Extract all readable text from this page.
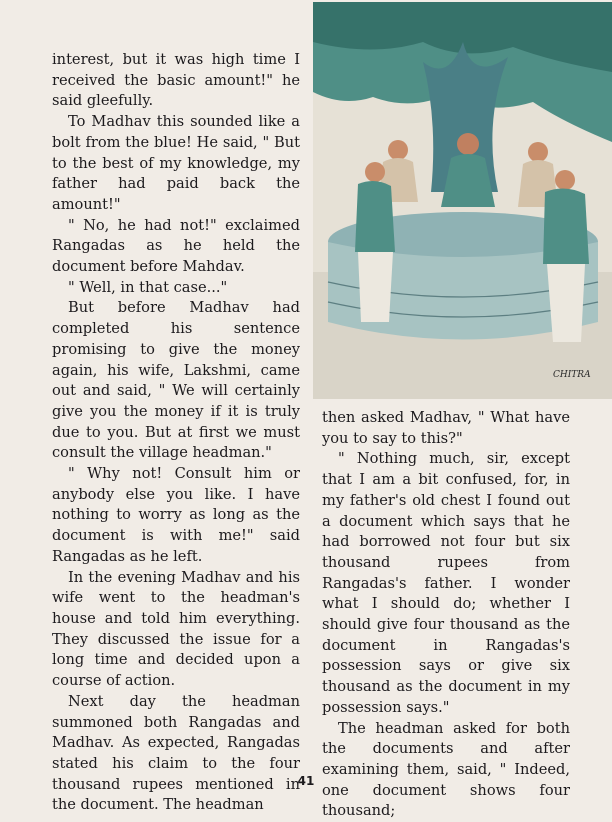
interest, but it was high time I received the basic amount!" he said gleefully.

To Madhav this sounded like a bolt from the blue! He said, " But to the best of my knowledge, my father had paid back the amount!"

" No, he had not!" exclaimed Rangadas as he held the document before Mahdav.

" Well, in that case..."

But before Madhav had completed his sentence promising to give the money again, his wife, Lakshmi, came out and said, " We will certainly give you the money if it is truly due to you. But at first we must consult the village headman."

" Why not! Consult him or anybody else you like. I have nothing to worry as long as the document is with me!" said Rangadas as he left.

In the evening Madhav and his wife went to the headman's house and told him everything. They discussed the issue for a long time and decided upon a course of action.

Next day the headman summoned both Rangadas and Madhav. As expected, Rangadas stated his claim to the four thousand rupees mentioned in the document. The headman

CHITRA

then asked Madhav, " What have you to say to this?"

" Nothing much, sir, except that I am a bit confused, for, in my father's old chest I found out a document which says that he had borrowed not four but six thousand rupees from Rangadas's father. I wonder what I should do; whether I should give four thousand as the document in Rangadas's possession says or give six thousand as the document in my possession says."

The headman asked for both the documents and after examining them, said, " Indeed, one document shows four thousand;

41
